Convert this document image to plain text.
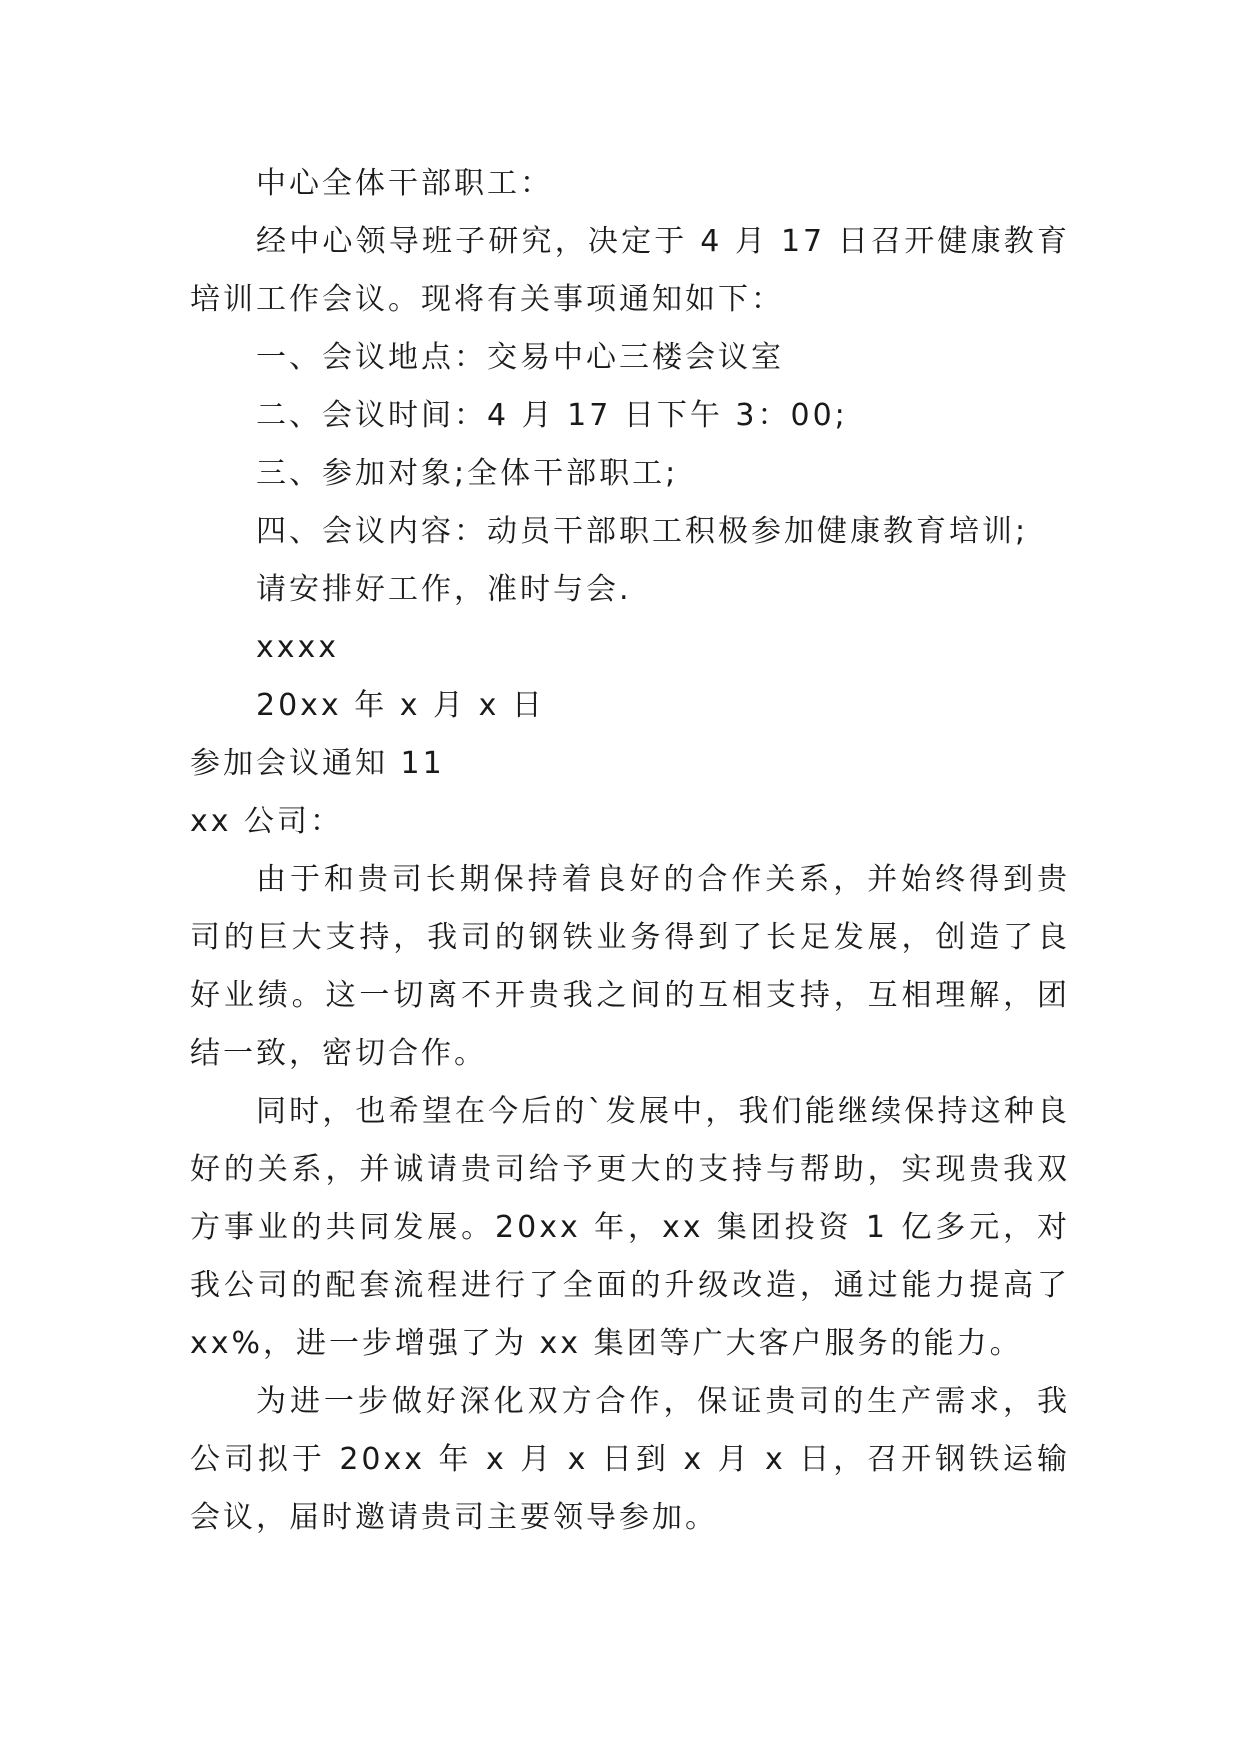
中心全体干部职工：

经中心领导班子研究，决定于 4 月 17 日召开健康教育培训工作会议。现将有关事项通知如下：

一、会议地点：交易中心三楼会议室

二、会议时间：4 月 17 日下午 3：00;

三、参加对象;全体干部职工;

四、会议内容：动员干部职工积极参加健康教育培训;

请安排好工作，准时与会.

xxxx

20xx 年 x 月 x 日

参加会议通知 11

xx 公司：

由于和贵司长期保持着良好的合作关系，并始终得到贵司的巨大支持，我司的钢铁业务得到了长足发展，创造了良好业绩。这一切离不开贵我之间的互相支持，互相理解，团结一致，密切合作。

同时，也希望在今后的`发展中，我们能继续保持这种良好的关系，并诚请贵司给予更大的支持与帮助，实现贵我双方事业的共同发展。20xx 年，xx 集团投资 1 亿多元，对我公司的配套流程进行了全面的升级改造，通过能力提高了 xx%，进一步增强了为 xx 集团等广大客户服务的能力。

为进一步做好深化双方合作，保证贵司的生产需求，我公司拟于 20xx 年 x 月 x 日到 x 月 x 日，召开钢铁运输会议，届时邀请贵司主要领导参加。
